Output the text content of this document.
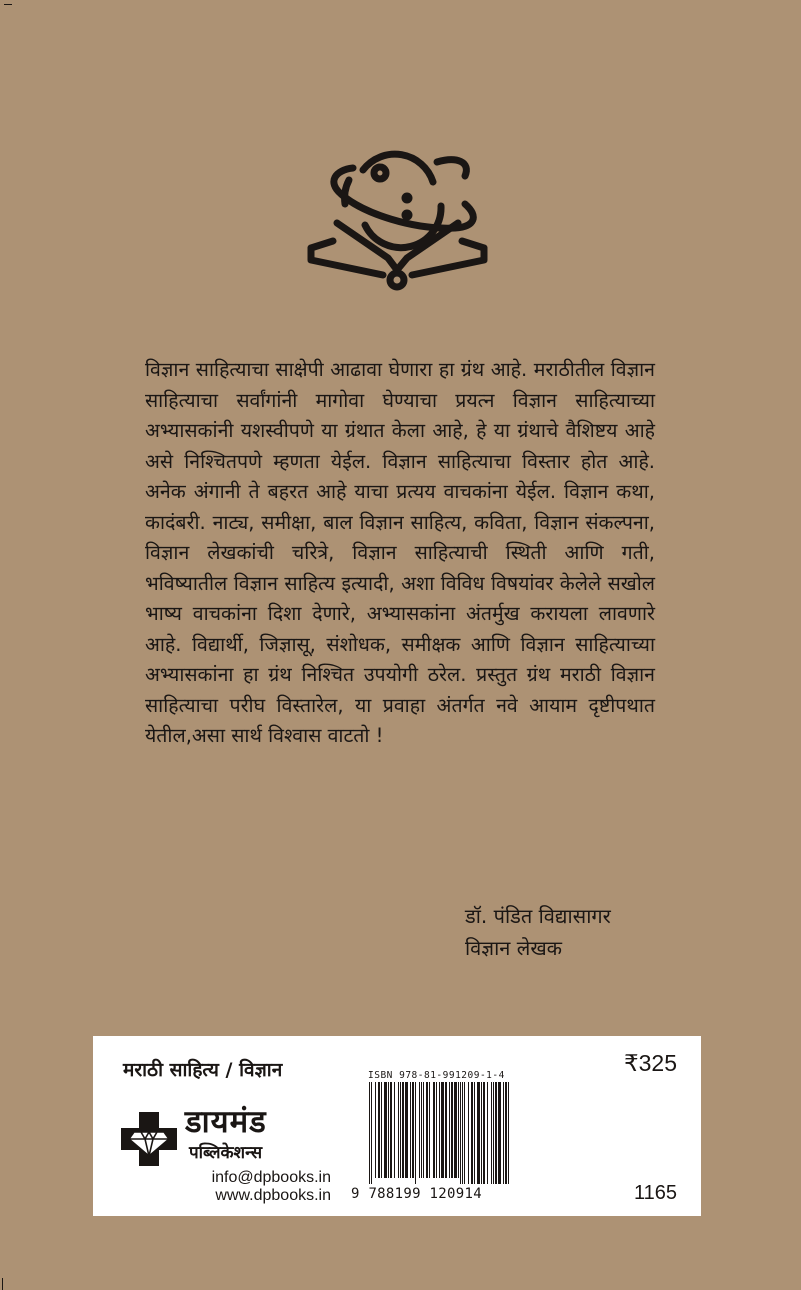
विज्ञान साहित्याचा साक्षेपी आढावा घेणारा हा ग्रंथ आहे. मराठीतील विज्ञान साहित्याचा सर्वांगांनी मागोवा घेण्याचा प्रयत्न विज्ञान साहित्याच्या अभ्यासकांनी यशस्वीपणे या ग्रंथात केला आहे, हे या ग्रंथाचे वैशिष्टय आहे असे निश्चितपणे म्हणता येईल. विज्ञान साहित्याचा विस्तार होत आहे. अनेक अंगानी ते बहरत आहे याचा प्रत्यय वाचकांना येईल. विज्ञान कथा, कादंबरी. नाट्य, समीक्षा, बाल विज्ञान साहित्य, कविता, विज्ञान संकल्पना, विज्ञान लेखकांची चरित्रे, विज्ञान साहित्याची स्थिती आणि गती, भविष्यातील विज्ञान साहित्य इत्यादी, अशा विविध विषयांवर केलेले सखोल भाष्य वाचकांना दिशा देणारे, अभ्यासकांना अंतर्मुख करायला लावणारे आहे. विद्यार्थी, जिज्ञासू, संशोधक, समीक्षक आणि विज्ञान साहित्याच्या अभ्यासकांना हा ग्रंथ निश्चित उपयोगी ठरेल. प्रस्तुत ग्रंथ मराठी विज्ञान साहित्याचा परीघ विस्तारेल, या प्रवाहा अंतर्गत नवे आयाम दृष्टीपथात येतील,असा सार्थ विश्वास वाटतो !

डॉ. पंडित विद्यासागर
विज्ञान लेखक
मराठी साहित्य / विज्ञान
डायमंड
पब्लिकेशन्स
info@dpbooks.in
www.dpbooks.in
ISBN 978-81-991209-1-4
9 788199 120914
₹325
1165
